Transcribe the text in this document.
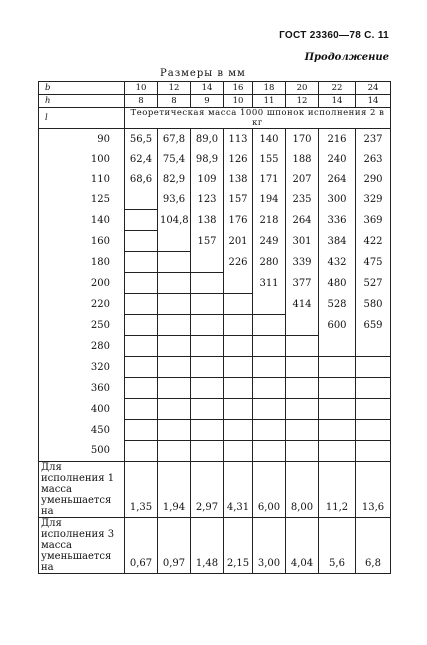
ГОСТ 23360—78 С. 11
Продолжение
Размеры в мм
b	10	12	14	16	18	20	22	24
h	8	8	9	10	11	12	14	14
l	Теоретическая масса 1000 шпонок исполнения 2 в кг							
90	56,5	67,8	89,0	113	140	170	216	237
100	62,4	75,4	98,9	126	155	188	240	263
110	68,6	82,9	109	138	171	207	264	290
125		93,6	123	157	194	235	300	329
140		104,8	138	176	218	264	336	369
160			157	201	249	301	384	422
180				226	280	339	432	475
200					311	377	480	527
220						414	528	580
250							600	659
280								
320								
360								
400								
450								
500								
Для исполнения 1 масса уменьшается на	1,35	1,94	2,97	4,31	6,00	8,00	11,2	13,6
Для исполнения 3 масса уменьшается на	0,67	0,97	1,48	2,15	3,00	4,04	5,6	6,8
